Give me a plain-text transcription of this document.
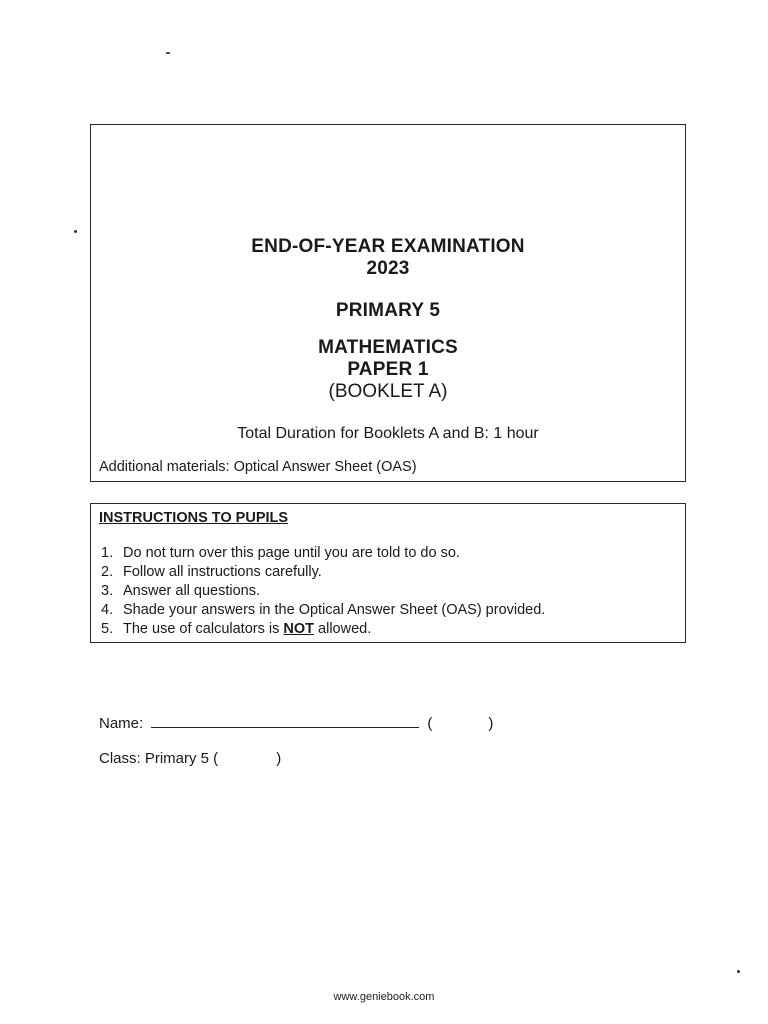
END-OF-YEAR EXAMINATION
2023
PRIMARY 5
MATHEMATICS
PAPER 1
(BOOKLET A)
Total Duration for Booklets A and B: 1 hour
Additional materials: Optical Answer Sheet (OAS)
INSTRUCTIONS TO PUPILS
1. Do not turn over this page until you are told to do so.
2. Follow all instructions carefully.
3. Answer all questions.
4. Shade your answers in the Optical Answer Sheet (OAS) provided.
5. The use of calculators is NOT allowed.
Name:	(	)
Class: Primary 5 (	)
www.geniebook.com
